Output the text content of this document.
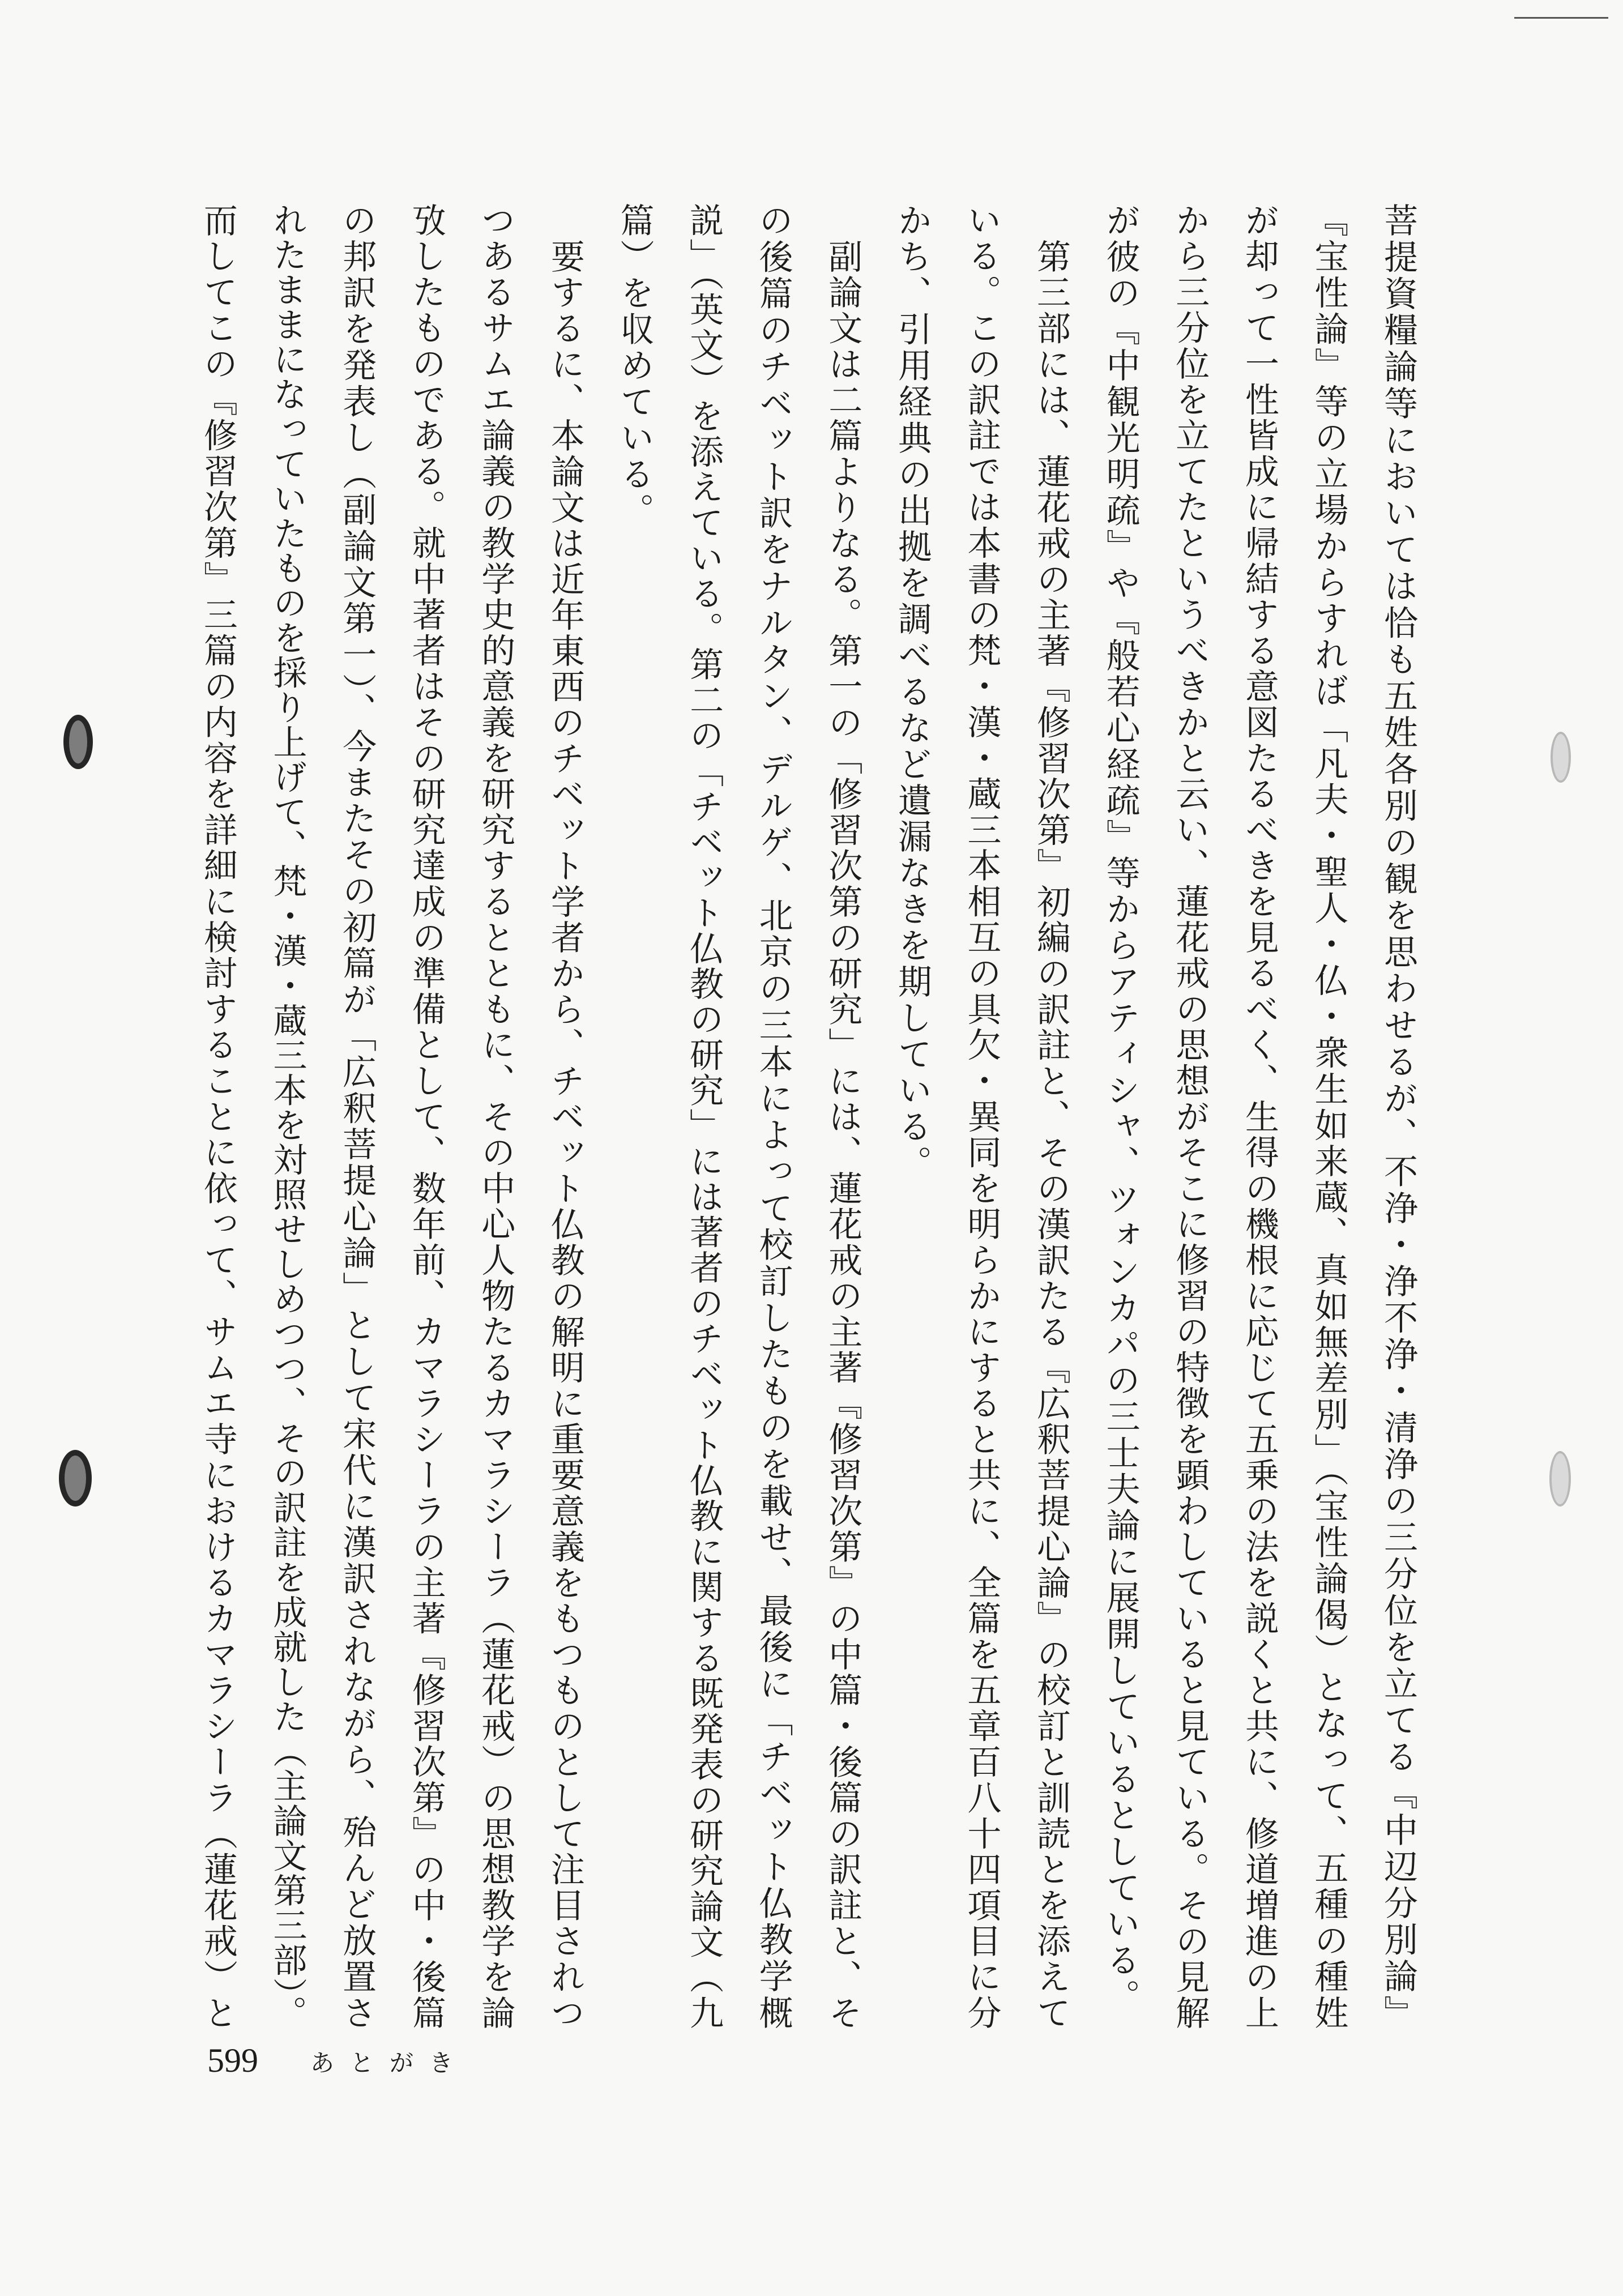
菩提資糧論等においては恰も五姓各別の観を思わせるが、不浄・浄不浄・清浄の三分位を立てる『中辺分別論』
『宝性論』等の立場からすれば「凡夫・聖人・仏・衆生如来蔵、真如無差別」（宝性論偈）となって、五種の種姓
が却って一性皆成に帰結する意図たるべきを見るべく、生得の機根に応じて五乗の法を説くと共に、修道増進の上
から三分位を立てたというべきかと云い、蓮花戒の思想がそこに修習の特徴を顕わしていると見ている。その見解
が彼の『中観光明疏』や『般若心経疏』等からアティシャ、ツォンカパの三士夫論に展開しているとしている。
第三部には、蓮花戒の主著『修習次第』初編の訳註と、その漢訳たる『広釈菩提心論』の校訂と訓読とを添えて
いる。この訳註では本書の梵・漢・蔵三本相互の具欠・異同を明らかにすると共に、全篇を五章百八十四項目に分
かち、引用経典の出拠を調べるなど遺漏なきを期している。
副論文は二篇よりなる。第一の「修習次第の研究」には、蓮花戒の主著『修習次第』の中篇・後篇の訳註と、そ
の後篇のチベット訳をナルタン、デルゲ、北京の三本によって校訂したものを載せ、最後に「チベット仏教学概
説」（英文）を添えている。第二の「チベット仏教の研究」には著者のチベット仏教に関する既発表の研究論文（九
篇）を収めている。
要するに、本論文は近年東西のチベット学者から、チベット仏教の解明に重要意義をもつものとして注目されつ
つあるサムエ論義の教学史的意義を研究するとともに、その中心人物たるカマラシーラ（蓮花戒）の思想教学を論
攷したものである。就中著者はその研究達成の準備として、数年前、カマラシーラの主著『修習次第』の中・後篇
の邦訳を発表し（副論文第一）、今またその初篇が「広釈菩提心論」として宋代に漢訳されながら、殆んど放置さ
れたままになっていたものを採り上げて、梵・漢・蔵三本を対照せしめつつ、その訳註を成就した（主論文第三部）。
而してこの『修習次第』三篇の内容を詳細に検討することに依って、サムエ寺におけるカマラシーラ（蓮花戒）と
599 あとがき
